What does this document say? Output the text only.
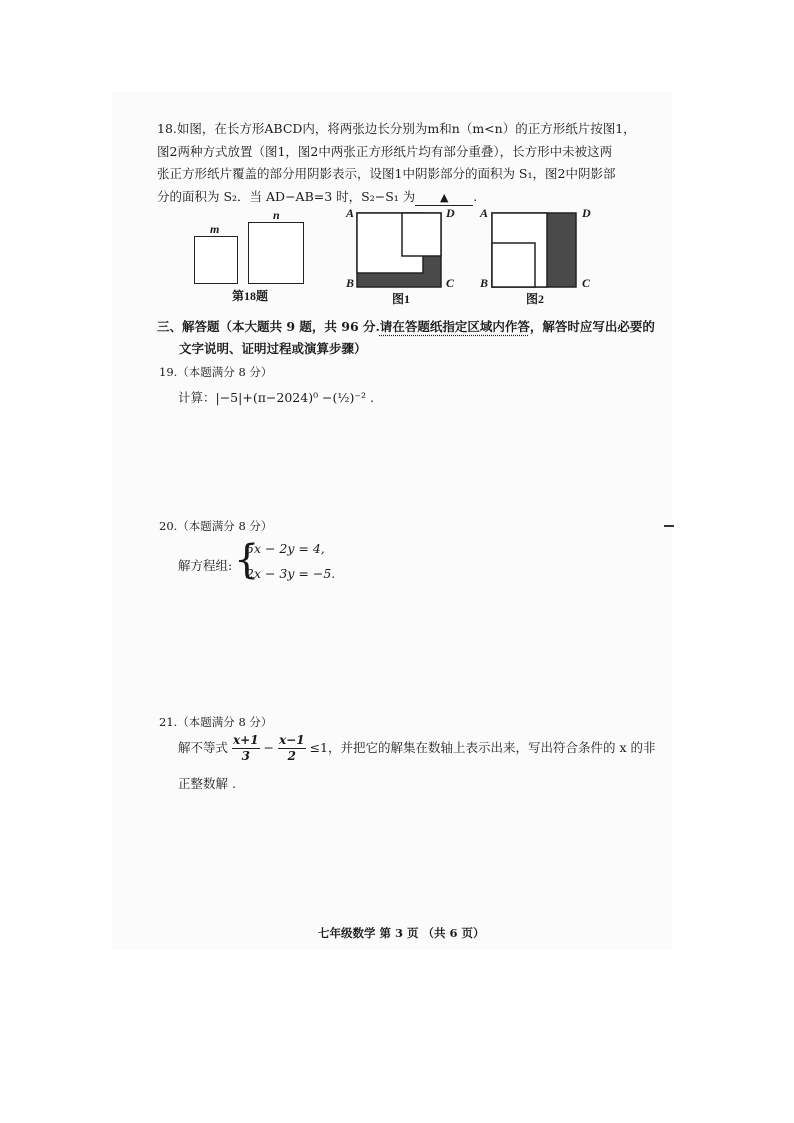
18.如图，在长方形ABCD内，将两张边长分别为m和n（m<n）的正方形纸片按图1，
图2两种方式放置（图1，图2中两张正方形纸片均有部分重叠），长方形中未被这两
张正方形纸片覆盖的部分用阴影表示，设图1中阴影部分的面积为 S₁，图2中阴影部
分的面积为 S₂．当 AD−AB=3 时，S₂−S₁ 为 ▲ .
m
n
第18题
A	D
B	C
图1
A	D
B	C
图2
三、解答题（本大题共 9 题，共 96 分.请在答题纸指定区域内作答，解答时应写出必要的
文字说明、证明过程或演算步骤）
19.（本题满分 8 分）
计算：|−5|+(π−2024)⁰ −(½)⁻² .
20.（本题满分 8 分）
解方程组: {
5x − 2y = 4,
2x − 3y = −5.
21.（本题满分 8 分）
解不等式 $\frac{x+1}{3} - \frac{x-1}{2} \le 1$，并把它的解集在数轴上表示出来，写出符合条件的 x 的非
正整数解 .
七年级数学 第 3 页 （共 6 页）
